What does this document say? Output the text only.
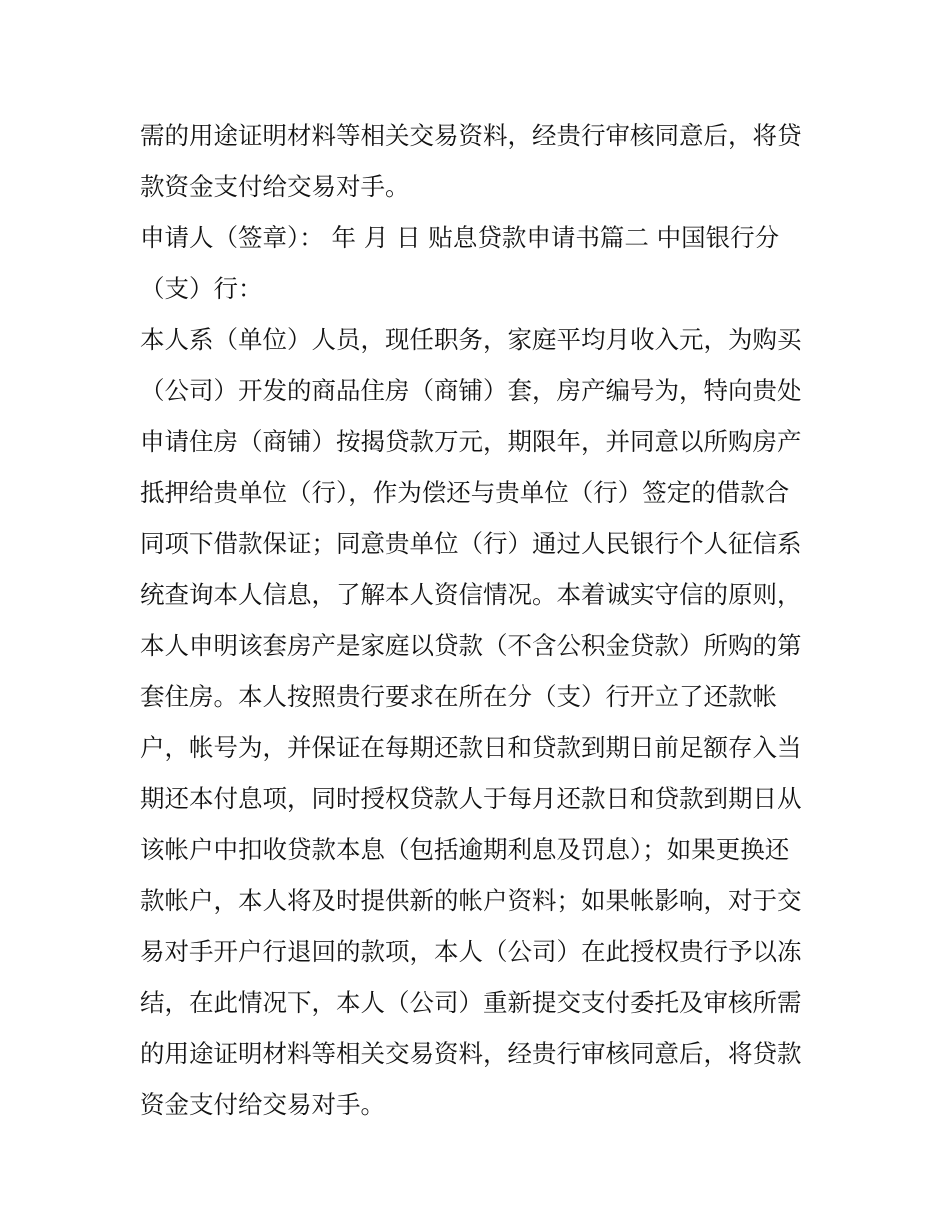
需的用途证明材料等相关交易资料，经贵行审核同意后，将贷
款资金支付给交易对手。
申请人（签章）： 年 月 日 贴息贷款申请书篇二 中国银行分
（支）行：
本人系（单位）人员，现任职务，家庭平均月收入元，为购买
（公司）开发的商品住房（商铺）套，房产编号为，特向贵处
申请住房（商铺）按揭贷款万元，期限年，并同意以所购房产
抵押给贵单位（行），作为偿还与贵单位（行）签定的借款合
同项下借款保证；同意贵单位（行）通过人民银行个人征信系
统查询本人信息，了解本人资信情况。本着诚实守信的原则，
本人申明该套房产是家庭以贷款（不含公积金贷款）所购的第
套住房。本人按照贵行要求在所在分（支）行开立了还款帐
户，帐号为，并保证在每期还款日和贷款到期日前足额存入当
期还本付息项，同时授权贷款人于每月还款日和贷款到期日从
该帐户中扣收贷款本息（包括逾期利息及罚息）；如果更换还
款帐户，本人将及时提供新的帐户资料；如果帐影响，对于交
易对手开户行退回的款项，本人（公司）在此授权贵行予以冻
结，在此情况下，本人（公司）重新提交支付委托及审核所需
的用途证明材料等相关交易资料，经贵行审核同意后，将贷款
资金支付给交易对手。
